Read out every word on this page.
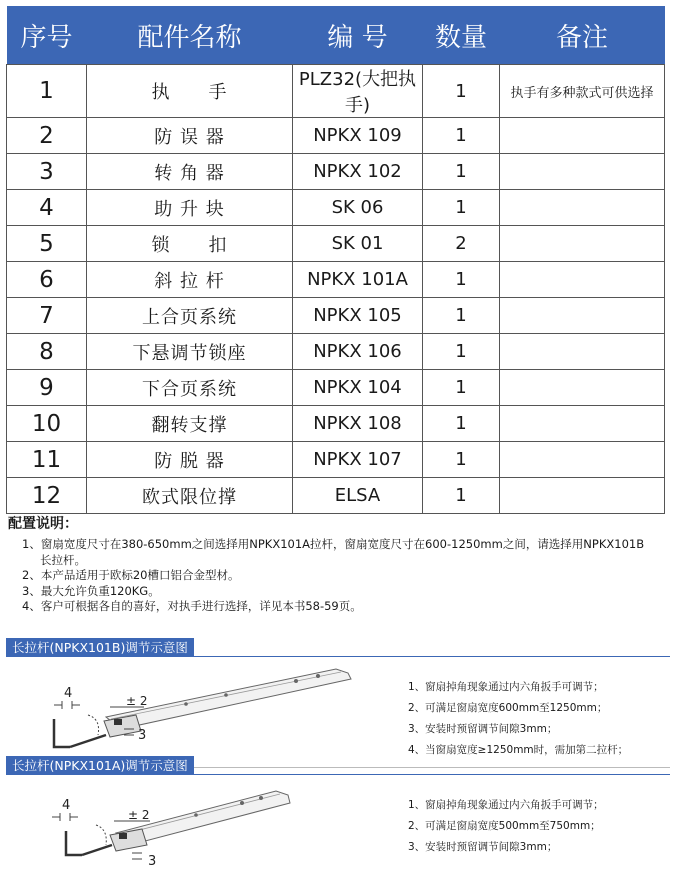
序号	配件名称	编 号	数量	备注
1	执　　手	PLZ32(大把执手)	1	执手有多种款式可供选择
2	防 误 器	NPKX 109	1	
3	转 角 器	NPKX 102	1	
4	助 升 块	SK 06	1	
5	锁　　扣	SK 01	2	
6	斜 拉 杆	NPKX 101A	1	
7	上合页系统	NPKX 105	1	
8	下悬调节锁座	NPKX 106	1	
9	下合页系统	NPKX 104	1	
10	翻转支撑	NPKX 108	1	
11	防 脱 器	NPKX 107	1	
12	欧式限位撑	ELSA	1	
配置说明：
1、窗扇宽度尺寸在380-650mm之间选择用NPKX101A拉杆，窗扇宽度尺寸在600-1250mm之间，请选择用NPKX101B
长拉杆。
2、本产品适用于欧标20槽口铝合金型材。
3、最大允许负重120KG。
4、客户可根据各自的喜好，对执手进行选择，详见本书58-59页。
长拉杆(NPKX101B)调节示意图
4	± 2
3
1、窗扇掉角现象通过内六角扳手可调节；
2、可满足窗扇宽度600mm至1250mm；
3、安装时预留调节间隙3mm；
4、当窗扇宽度≥1250mm时，需加第二拉杆；
长拉杆(NPKX101A)调节示意图
4
± 2
3
1、窗扇掉角现象通过内六角扳手可调节；
2、可满足窗扇宽度500mm至750mm；
3、安装时预留调节间隙3mm；
